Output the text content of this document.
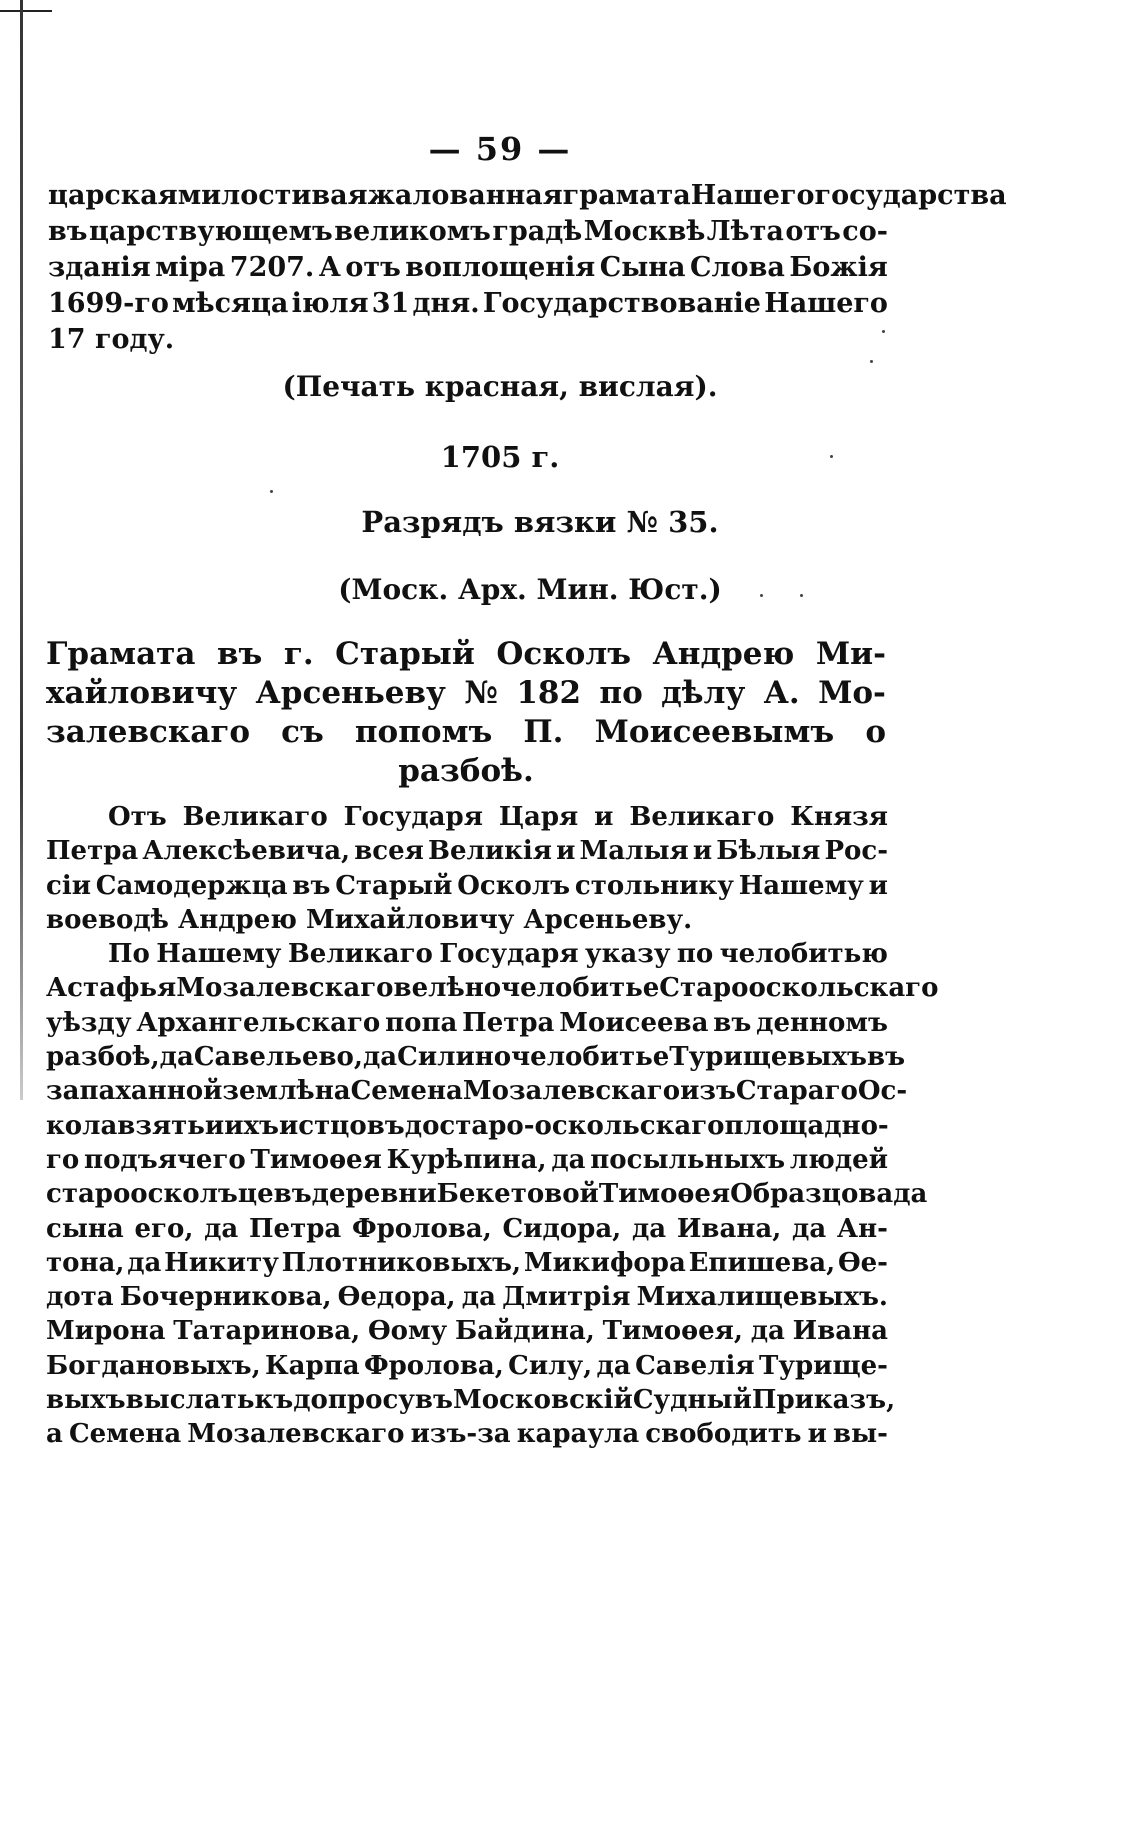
— 59 —
царская милостивая жалованная грамата Нашего государства
въ царствующемъ великомъ градѣ Москвѣ Лѣта отъ со-
зданія міра 7207. А отъ воплощенія Сына Слова Божія
1699-го мѣсяца іюля 31 дня. Государствованіе Нашего
17 году.
(Печать красная, вислая).
1705 г.
Разрядъ вязки № 35.
(Моск. Арх. Мин. Юст.)
Грамата въ г. Старый Осколъ Андрею Ми-
хайловичу Арсеньеву № 182 по дѣлу А. Мо-
залевскаго съ попомъ П. Моисеевымъ о
разбоѣ.
Отъ Великаго Государя Царя и Великаго Князя
Петра Алексѣевича, всея Великія и Малыя и Бѣлыя Рос-
сіи Самодержца въ Старый Осколъ стольнику Нашему и
воеводѣ Андрею Михайловичу Арсеньеву.
По Нашему Великаго Государя указу по челобитью
Астафья Мозалевскаго велѣно челобитье Старо оскольскаго
уѣзду Архангельскаго попа Петра Моисеева въ денномъ
разбоѣ, да Савельево, да Силино челобитье Турищевыхъ въ
запаханной землѣ на Семена Мозалевскаго изъ Стараго Ос-
кола взять и ихъ истцовъ до старо-оскольскаго площадно-
го подъячего Тимоѳея Курѣпина, да посыльныхъ людей
староосколъцевъ деревни Бекетовой Тимоѳея Образцова да
сына его, да Петра Фролова, Сидора, да Ивана, да Ан-
тона, да Никиту Плотниковыхъ, Микифора Епишева, Ѳе-
дота Бочерникова, Ѳедора, да Дмитрія Михалищевыхъ.
Мирона Татаринова, Ѳому Байдина, Тимоѳея, да Ивана
Богдановыхъ, Карпа Фролова, Силу, да Савелія Турище-
выхъ выслать къ допросу въ Московскій Судный Приказъ,
а Семена Мозалевскаго изъ-за караула свободить и вы-
